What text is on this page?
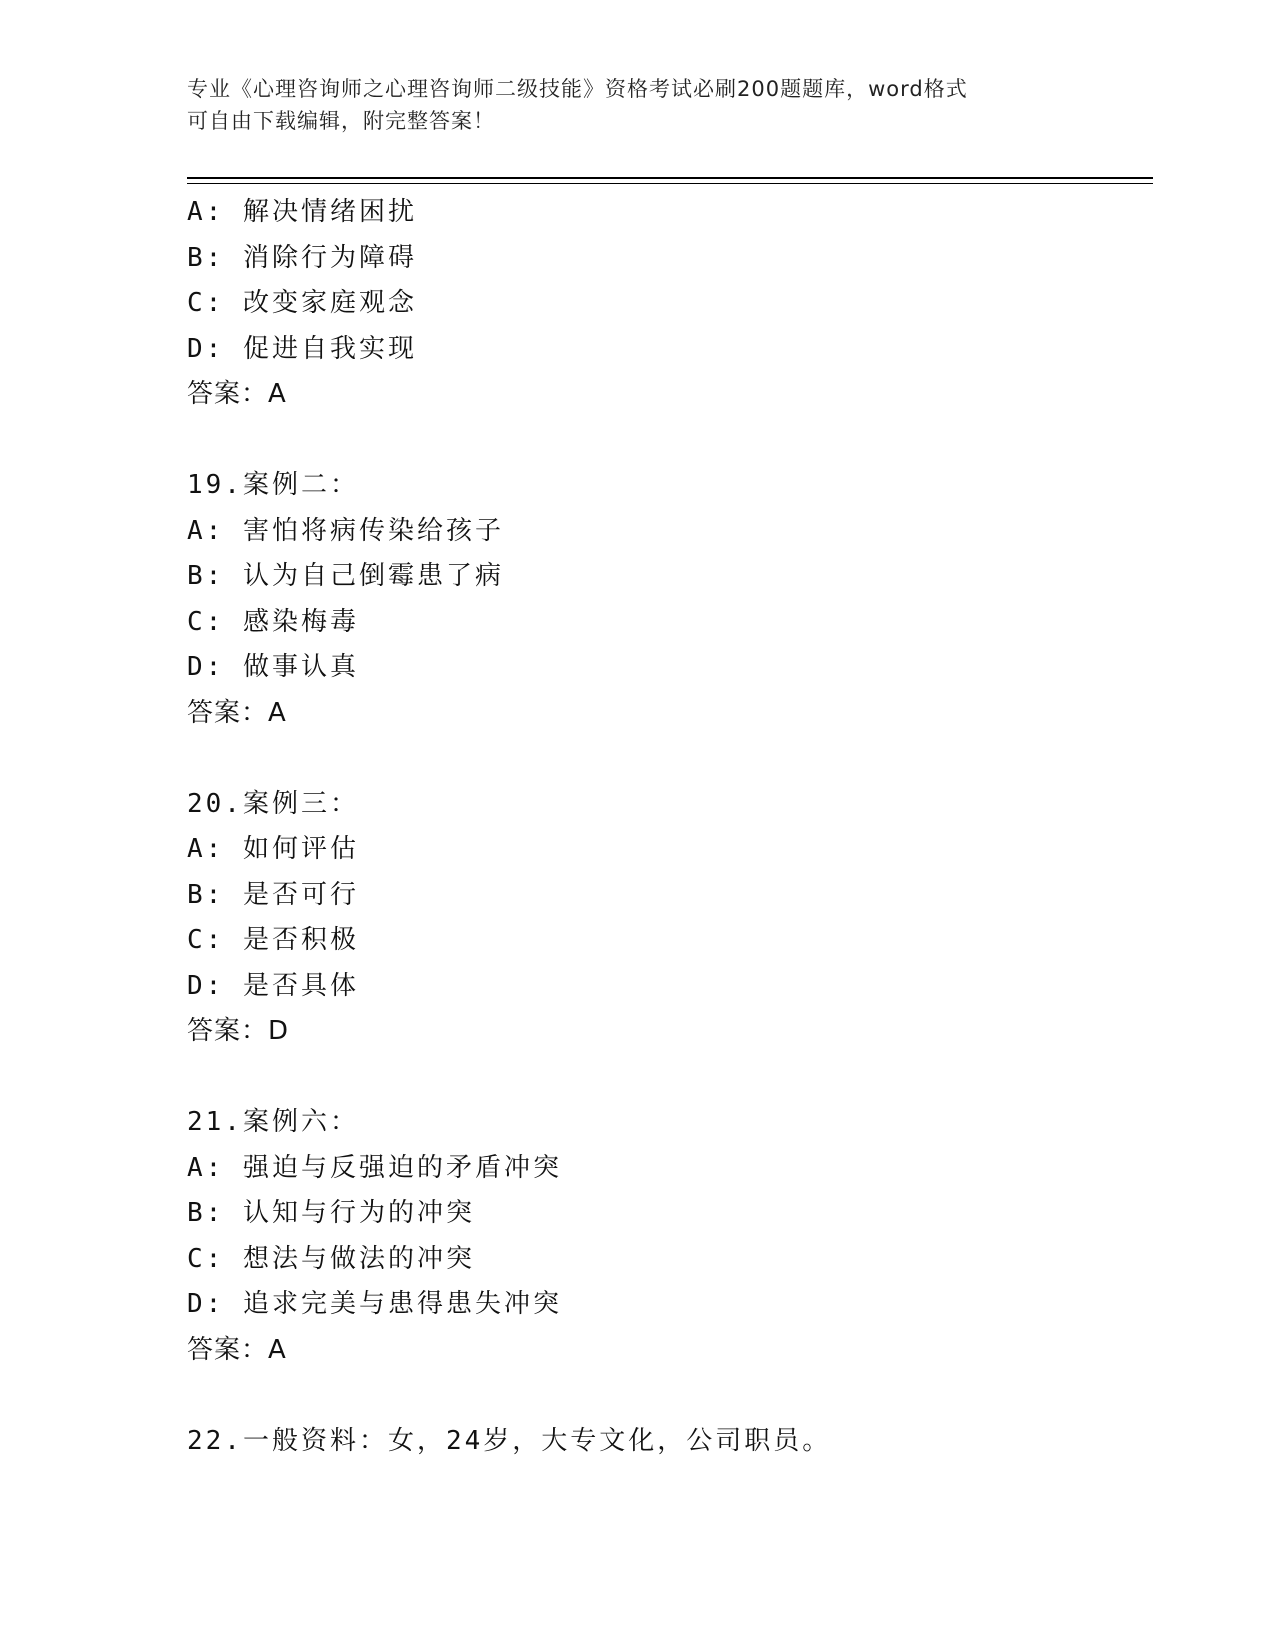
专业《心理咨询师之心理咨询师二级技能》资格考试必刷200题题库，word格式
可自由下载编辑，附完整答案！
A: 解决情绪困扰
B: 消除行为障碍
C: 改变家庭观念
D: 促进自我实现
答案：A
19.案例二：
A: 害怕将病传染给孩子
B: 认为自己倒霉患了病
C: 感染梅毒
D: 做事认真
答案：A
20.案例三：
A: 如何评估
B: 是否可行
C: 是否积极
D: 是否具体
答案：D
21.案例六：
A: 强迫与反强迫的矛盾冲突
B: 认知与行为的冲突
C: 想法与做法的冲突
D: 追求完美与患得患失冲突
答案：A
22.一般资料：女，24岁，大专文化，公司职员。
